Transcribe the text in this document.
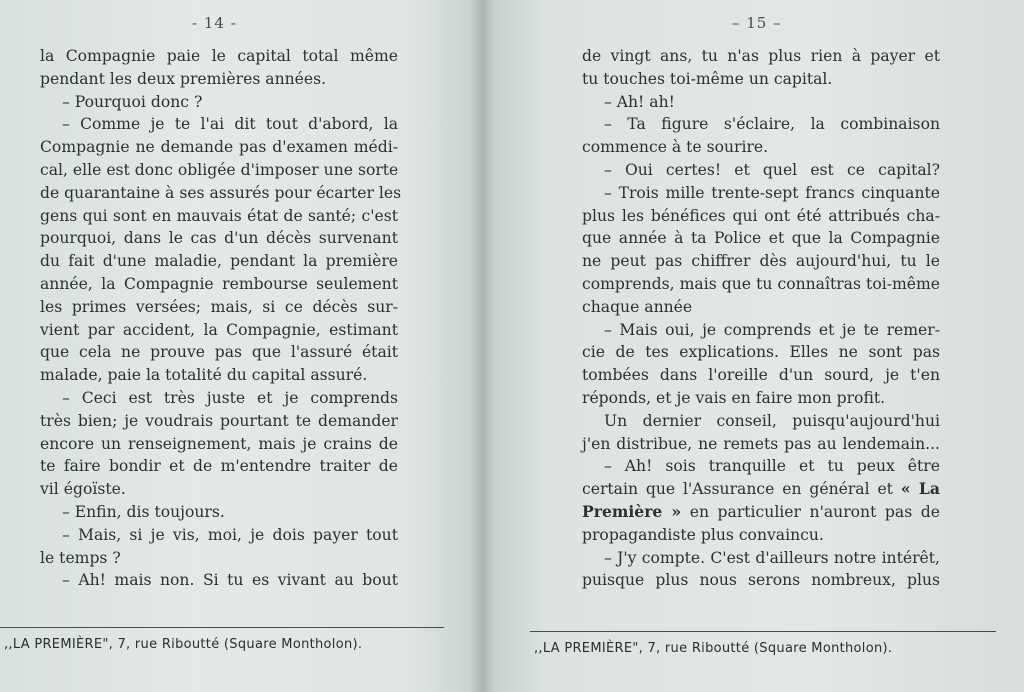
- 14 -
la Compagnie paie le capital total même
pendant les deux premières années.
– Pourquoi donc ?
– Comme je te l'ai dit tout d'abord, la
Compagnie ne demande pas d'examen médi-
cal, elle est donc obligée d'imposer une sorte
de quarantaine à ses assurés pour écarter les
gens qui sont en mauvais état de santé; c'est
pourquoi, dans le cas d'un décès survenant
du fait d'une maladie, pendant la première
année, la Compagnie rembourse seulement
les primes versées; mais, si ce décès sur-
vient par accident, la Compagnie, estimant
que cela ne prouve pas que l'assuré était
malade, paie la totalité du capital assuré.
– Ceci est très juste et je comprends
très bien; je voudrais pourtant te demander
encore un renseignement, mais je crains de
te faire bondir et de m'entendre traiter de
vil égoïste.
– Enfin, dis toujours.
– Mais, si je vis, moi, je dois payer tout
le temps ?
– Ah! mais non. Si tu es vivant au bout
,,LA PREMIÈRE", 7, rue Riboutté (Square Montholon).
– 15 –
de vingt ans, tu n'as plus rien à payer et
tu touches toi-même un capital.
– Ah! ah!
– Ta figure s'éclaire, la combinaison
commence à te sourire.
– Oui certes! et quel est ce capital?
– Trois mille trente-sept francs cinquante
plus les bénéfices qui ont été attribués cha-
que année à ta Police et que la Compagnie
ne peut pas chiffrer dès aujourd'hui, tu le
comprends, mais que tu connaîtras toi-même
chaque année
– Mais oui, je comprends et je te remer-
cie de tes explications. Elles ne sont pas
tombées dans l'oreille d'un sourd, je t'en
réponds, et je vais en faire mon profit.
Un dernier conseil, puisqu'aujourd'hui
j'en distribue, ne remets pas au lendemain...
– Ah! sois tranquille et tu peux être
certain que l'Assurance en général et « La
Première » en particulier n'auront pas de
propagandiste plus convaincu.
– J'y compte. C'est d'ailleurs notre intérêt,
puisque plus nous serons nombreux, plus
,,LA PREMIÈRE", 7, rue Riboutté (Square Montholon).
